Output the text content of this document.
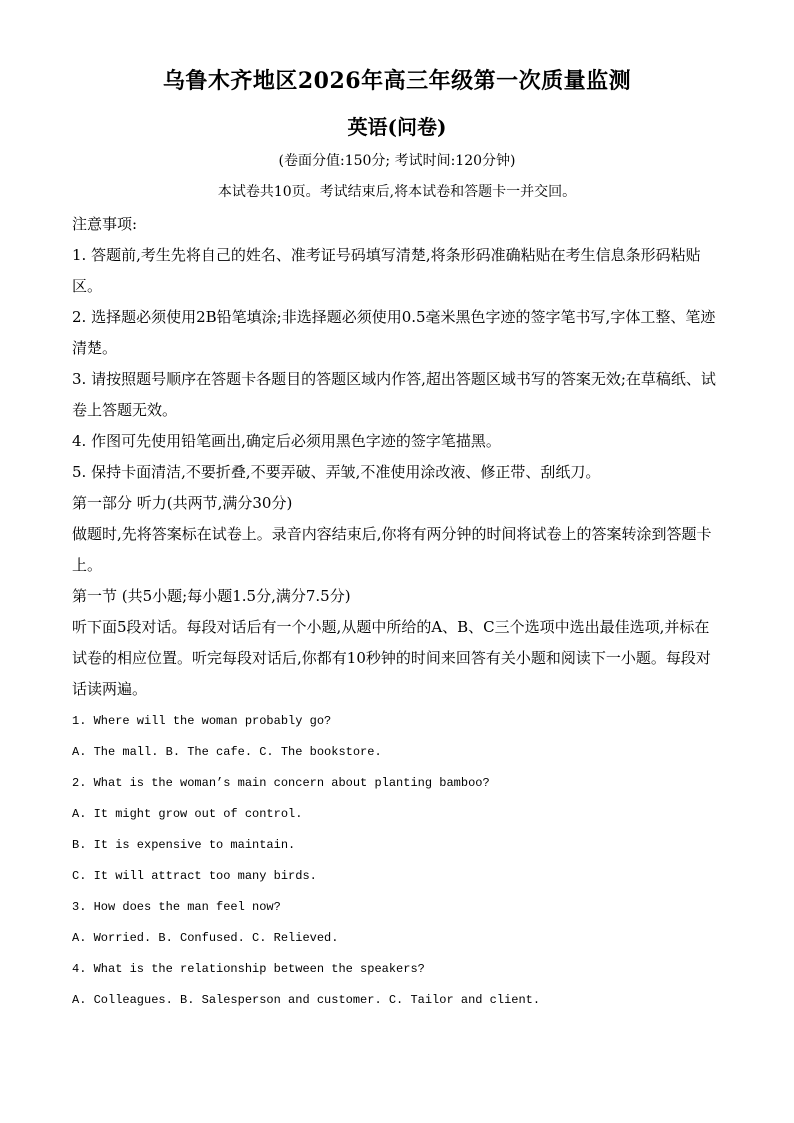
乌鲁木齐地区2026年高三年级第一次质量监测
英语(问卷)
(卷面分值:150分; 考试时间:120分钟)
本试卷共10页。考试结束后,将本试卷和答题卡一并交回。
注意事项:
1. 答题前,考生先将自己的姓名、准考证号码填写清楚,将条形码准确粘贴在考生信息条形码粘贴区。
2. 选择题必须使用2B铅笔填涂;非选择题必须使用0.5毫米黑色字迹的签字笔书写,字体工整、笔迹清楚。
3. 请按照题号顺序在答题卡各题目的答题区域内作答,超出答题区域书写的答案无效;在草稿纸、试卷上答题无效。
4. 作图可先使用铅笔画出,确定后必须用黑色字迹的签字笔描黑。
5. 保持卡面清洁,不要折叠,不要弄破、弄皱,不准使用涂改液、修正带、刮纸刀。
第一部分 听力(共两节,满分30分)
做题时,先将答案标在试卷上。录音内容结束后,你将有两分钟的时间将试卷上的答案转涂到答题卡上。
第一节 (共5小题;每小题1.5分,满分7.5分)
听下面5段对话。每段对话后有一个小题,从题中所给的A、B、C三个选项中选出最佳选项,并标在试卷的相应位置。听完每段对话后,你都有10秒钟的时间来回答有关小题和阅读下一小题。每段对话读两遍。

1. Where will the woman probably go?

A. The mall. B. The cafe. C. The bookstore.

2. What is the woman’s main concern about planting bamboo?

A. It might grow out of control.

B. It is expensive to maintain.

C. It will attract too many birds.

3. How does the man feel now?

A. Worried. B. Confused. C. Relieved.

4. What is the relationship between the speakers?

A. Colleagues. B. Salesperson and customer. C. Tailor and client.
